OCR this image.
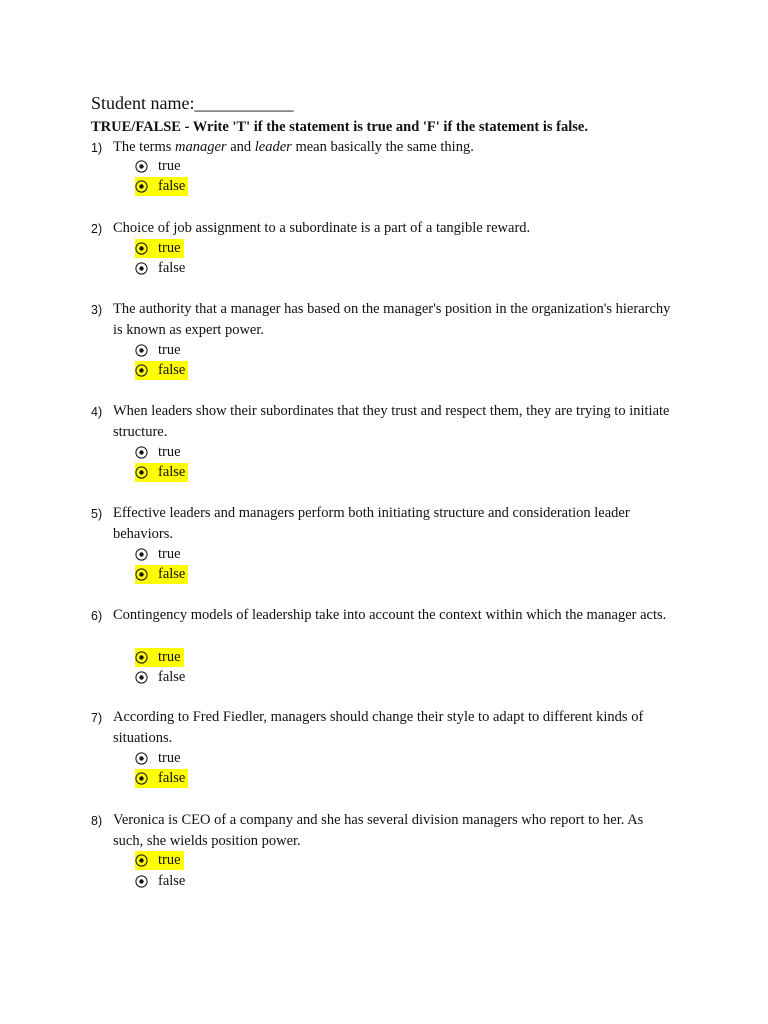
Student name:___________
TRUE/FALSE - Write 'T' if the statement is true and 'F' if the statement is false.
1) The terms manager and leader mean basically the same thing.
true
false
2) Choice of job assignment to a subordinate is a part of a tangible reward.
true
false
3) The authority that a manager has based on the manager's position in the organization's hierarchy is known as expert power.
true
false
4) When leaders show their subordinates that they trust and respect them, they are trying to initiate structure.
true
false
5) Effective leaders and managers perform both initiating structure and consideration leader behaviors.
true
false
6) Contingency models of leadership take into account the context within which the manager acts.
true
false
7) According to Fred Fiedler, managers should change their style to adapt to different kinds of situations.
true
false
8) Veronica is CEO of a company and she has several division managers who report to her. As such, she wields position power.
true
false
